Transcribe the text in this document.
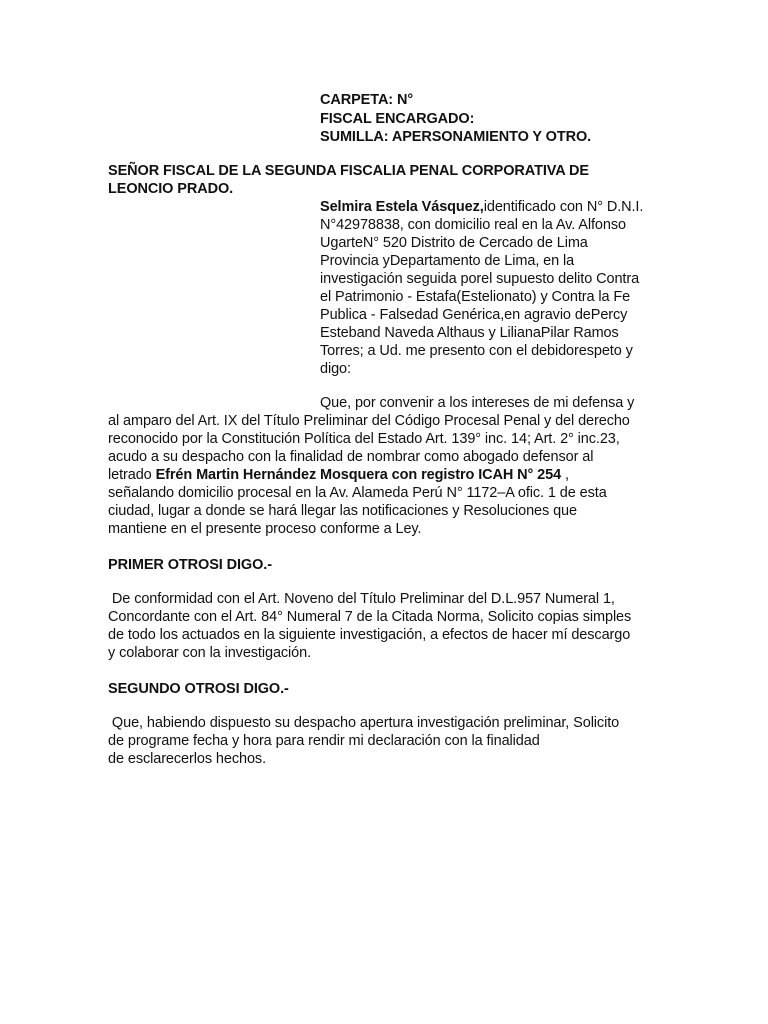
CARPETA: N°
FISCAL ENCARGADO:
SUMILLA: APERSONAMIENTO Y OTRO.
SEÑOR FISCAL DE LA SEGUNDA FISCALIA PENAL CORPORATIVA DE
LEONCIO PRADO.
Selmira Estela Vásquez,identificado con N° D.N.I.
N°42978838, con domicilio real en la Av. Alfonso
UgarteN° 520 Distrito de Cercado de Lima
Provincia yDepartamento de Lima, en la
investigación seguida porel supuesto delito Contra
el Patrimonio - Estafa(Estelionato) y Contra la Fe
Publica - Falsedad Genérica,en agravio dePercy
Esteband Naveda Althaus y LilianaPilar Ramos
Torres; a Ud. me presento con el debidorespeto y
digo:
Que, por convenir a los intereses de mi defensa y
al amparo del Art. IX del Título Preliminar del Código Procesal Penal y del derecho
reconocido por la Constitución Política del Estado Art. 139° inc. 14; Art. 2° inc.23,
acudo a su despacho con la finalidad de nombrar como abogado defensor al
letrado Efrén Martin Hernández Mosquera con registro ICAH N° 254 ,
señalando domicilio procesal en la Av. Alameda Perú N° 1172–A ofic. 1 de esta
ciudad, lugar a donde se hará llegar las notificaciones y Resoluciones que
mantiene en el presente proceso conforme a Ley.
PRIMER OTROSI DIGO.-
De conformidad con el Art. Noveno del Título Preliminar del D.L.957 Numeral 1,
Concordante con el Art. 84° Numeral 7 de la Citada Norma, Solicito copias simples
de todo los actuados en la siguiente investigación, a efectos de hacer mí descargo
y colaborar con la investigación.
SEGUNDO OTROSI DIGO.-
Que, habiendo dispuesto su despacho apertura investigación preliminar, Solicito
de programe fecha y hora para rendir mi declaración con la finalidad
de esclarecerlos hechos.
